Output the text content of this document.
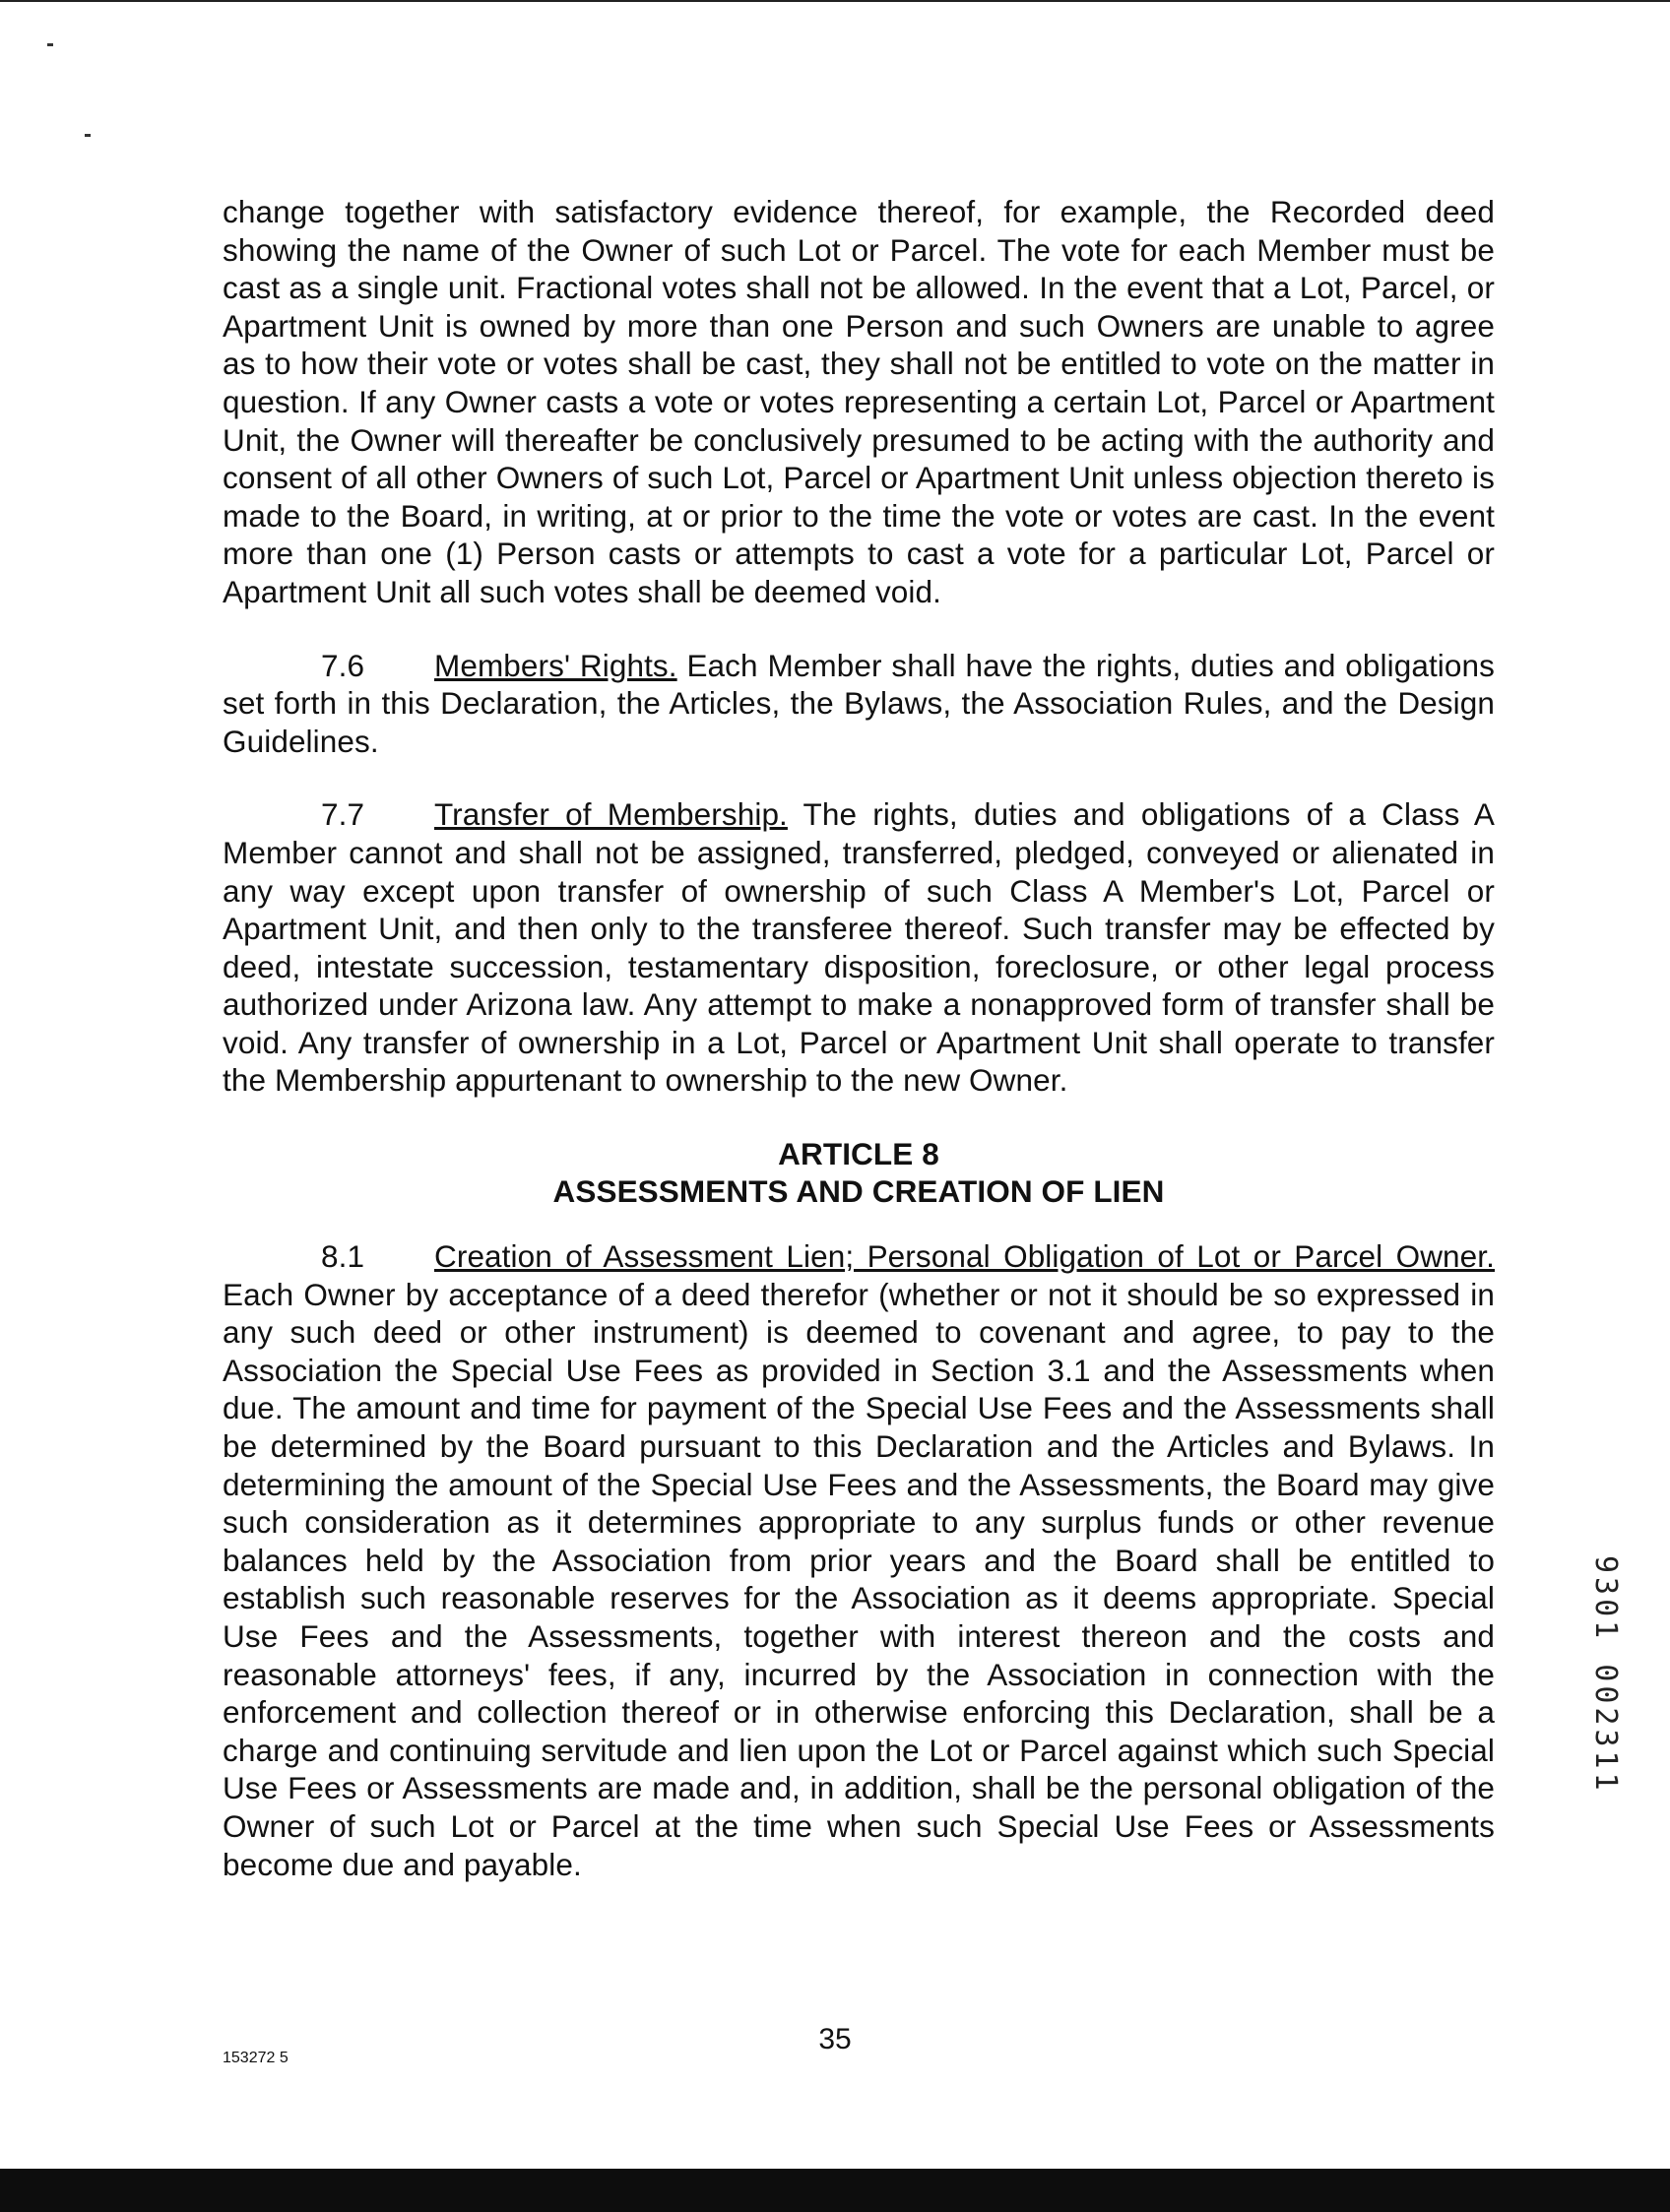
change together with satisfactory evidence thereof, for example, the Recorded deed showing the name of the Owner of such Lot or Parcel. The vote for each Member must be cast as a single unit. Fractional votes shall not be allowed. In the event that a Lot, Parcel, or Apartment Unit is owned by more than one Person and such Owners are unable to agree as to how their vote or votes shall be cast, they shall not be entitled to vote on the matter in question. If any Owner casts a vote or votes representing a certain Lot, Parcel or Apartment Unit, the Owner will thereafter be conclusively presumed to be acting with the authority and consent of all other Owners of such Lot, Parcel or Apartment Unit unless objection thereto is made to the Board, in writing, at or prior to the time the vote or votes are cast. In the event more than one (1) Person casts or attempts to cast a vote for a particular Lot, Parcel or Apartment Unit all such votes shall be deemed void.

7.6 Members' Rights. Each Member shall have the rights, duties and obligations set forth in this Declaration, the Articles, the Bylaws, the Association Rules, and the Design Guidelines.

7.7 Transfer of Membership. The rights, duties and obligations of a Class A Member cannot and shall not be assigned, transferred, pledged, conveyed or alienated in any way except upon transfer of ownership of such Class A Member's Lot, Parcel or Apartment Unit, and then only to the transferee thereof. Such transfer may be effected by deed, intestate succession, testamentary disposition, foreclosure, or other legal process authorized under Arizona law. Any attempt to make a nonapproved form of transfer shall be void. Any transfer of ownership in a Lot, Parcel or Apartment Unit shall operate to transfer the Membership appurtenant to ownership to the new Owner.

ARTICLE 8
ASSESSMENTS AND CREATION OF LIEN

8.1 Creation of Assessment Lien; Personal Obligation of Lot or Parcel Owner. Each Owner by acceptance of a deed therefor (whether or not it should be so expressed in any such deed or other instrument) is deemed to covenant and agree, to pay to the Association the Special Use Fees as provided in Section 3.1 and the Assessments when due. The amount and time for payment of the Special Use Fees and the Assessments shall be determined by the Board pursuant to this Declaration and the Articles and Bylaws. In determining the amount of the Special Use Fees and the Assessments, the Board may give such consideration as it determines appropriate to any surplus funds or other revenue balances held by the Association from prior years and the Board shall be entitled to establish such reasonable reserves for the Association as it deems appropriate. Special Use Fees and the Assessments, together with interest thereon and the costs and reasonable attorneys' fees, if any, incurred by the Association in connection with the enforcement and collection thereof or in otherwise enforcing this Declaration, shall be a charge and continuing servitude and lien upon the Lot or Parcel against which such Special Use Fees or Assessments are made and, in addition, shall be the personal obligation of the Owner of such Lot or Parcel at the time when such Special Use Fees or Assessments become due and payable.

9301 002311
35
153272 5
